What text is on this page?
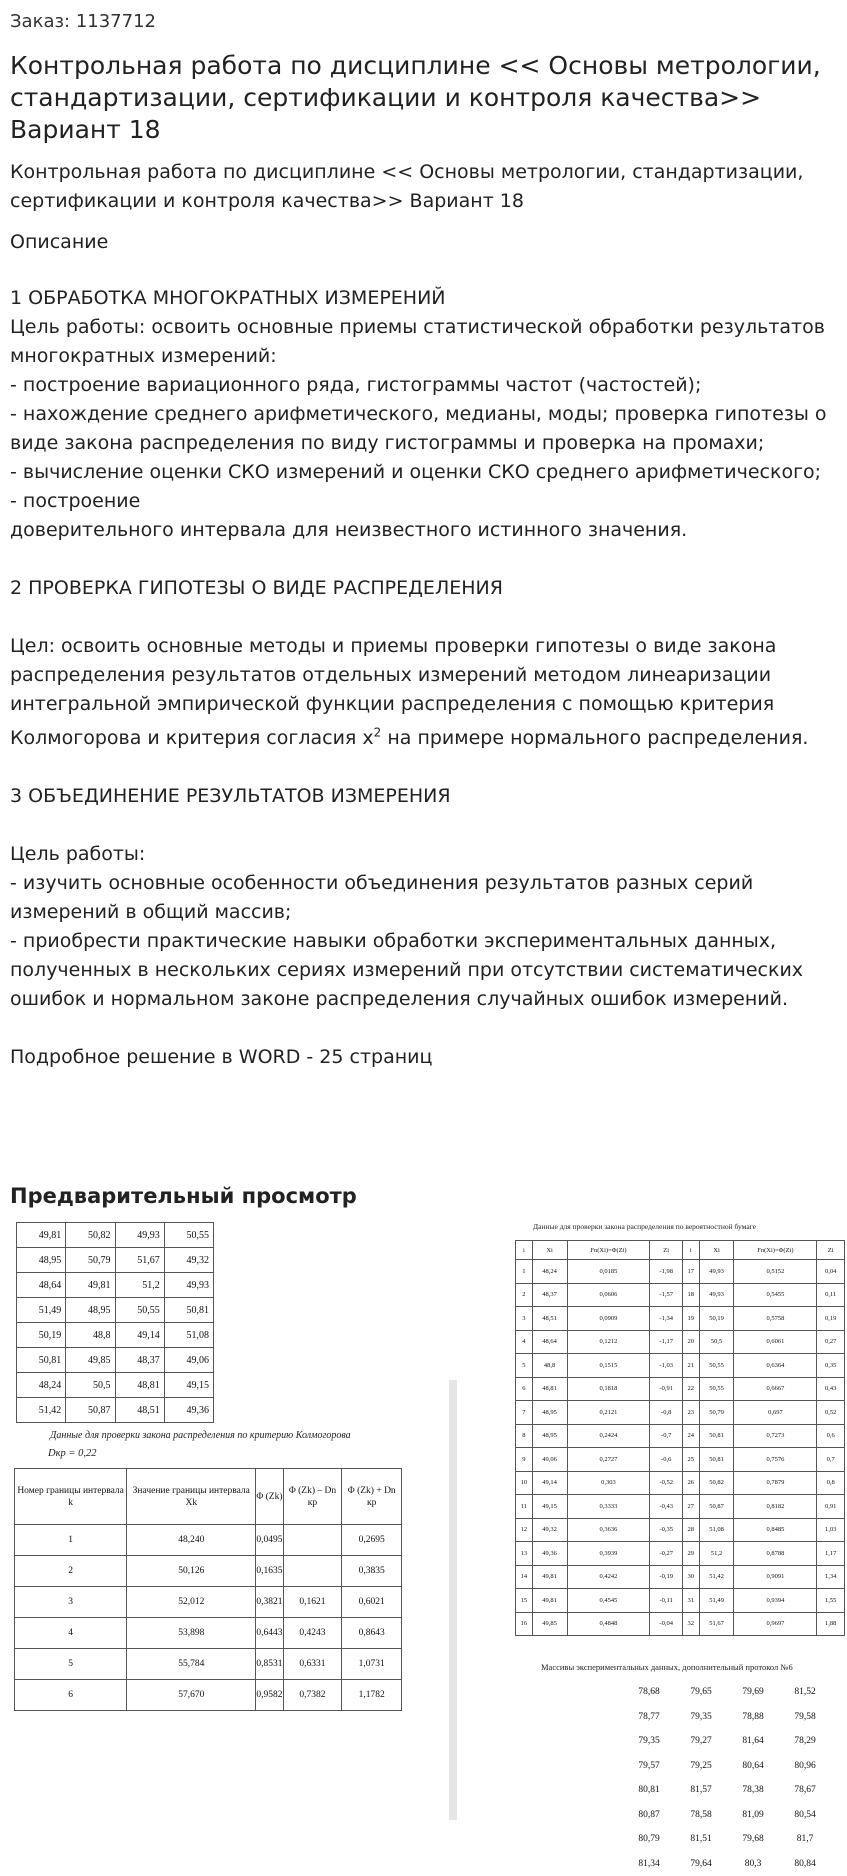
Заказ: 1137712
Контрольная работа по дисциплине << Основы метрологии, стандартизации, сертификации и контроля качества>> Вариант 18
Контрольная работа по дисциплине << Основы метрологии, стандартизации, сертификации и контроля качества>> Вариант 18
Описание
1 ОБРАБОТКА МНОГОКРАТНЫХ ИЗМЕРЕНИЙ
Цель работы: освоить основные приемы статистической обработки результатов многократных измерений:
- построение вариационного ряда, гистограммы частот (частостей);
- нахождение среднего арифметического, медианы, моды; проверка гипотезы о виде закона распределения по виду гистограммы и проверка на промахи;
- вычисление оценки СКО измерений и оценки СКО среднего арифметического;
- построение
доверительного интервала для неизвестного истинного значения.

2 ПРОВЕРКА ГИПОТЕЗЫ О ВИДЕ РАСПРЕДЕЛЕНИЯ

Цел: освоить основные методы и приемы проверки гипотезы о виде закона распределения результатов отдельных измерений методом линеаризации интегральной эмпирической функции распределения с помощью критерия Колмогорова и критерия согласия $x^2$ на примере нормального распределения.

3 ОБЪЕДИНЕНИЕ РЕЗУЛЬТАТОВ ИЗМЕРЕНИЯ

Цель работы:
- изучить основные особенности объединения результатов разных серий измерений в общий массив;
- приобрести практические навыки обработки экспериментальных данных, полученных в нескольких сериях измерений при отсутствии систематических ошибок и нормальном законе распределения случайных ошибок измерений.

Подробное решение в WORD - 25 страниц
Предварительный просмотр
49,81	50,82	49,93	50,55
48,95	50,79	51,67	49,32
48,64	49,81	51,2	49,93
51,49	48,95	50,55	50,81
50,19	48,8	49,14	51,08
50,81	49,85	48,37	49,06
48,24	50,5	48,81	49,15
51,42	50,87	48,51	49,36
Данные для проверки закона распределения по критерию Колмогорова
Dкр = 0,22
Номер границы интервала k	Значение границы интервала Xk	Φ (Zk)	Φ (Zk) – Dn кр	Φ (Zk) + Dn кр
1	48,240	0,0495		0,2695
2	50,126	0,1635		0,3835
3	52,012	0,3821	0,1621	0,6021
4	53,898	0,6443	0,4243	0,8643
5	55,784	0,8531	0,6331	1,0731
6	57,670	0,9582	0,7382	1,1782
Данные для проверки закона распределения по вероятностной бумаге
i	Xi	Fn(Xi)=Φ(Zi)	Zi	i	Xi	Fn(Xi)=Φ(Zi)	Zi
1	48,24	0,0185	-1,98	17	49,93	0,5152	0,04
2	48,37	0,0606	-1,57	18	49,93	0,5455	0,11
3	48,51	0,0909	-1,34	19	50,19	0,5758	0,19
4	48,64	0,1212	-1,17	20	50,5	0,6061	0,27
5	48,8	0,1515	-1,03	21	50,55	0,6364	0,35
6	48,81	0,1818	-0,91	22	50,55	0,6667	0,43
7	48,95	0,2121	-0,8	23	50,79	0,697	0,52
8	48,95	0,2424	-0,7	24	50,81	0,7273	0,6
9	49,06	0,2727	-0,6	25	50,81	0,7576	0,7
10	49,14	0,303	-0,52	26	50,82	0,7879	0,8
11	49,15	0,3333	-0,43	27	50,87	0,8182	0,91
12	49,32	0,3636	-0,35	28	51,08	0,8485	1,03
13	49,36	0,3939	-0,27	29	51,2	0,8788	1,17
14	49,81	0,4242	-0,19	30	51,42	0,9091	1,34
15	49,81	0,4545	-0,11	31	51,49	0,9394	1,55
16	49,85	0,4848	-0,04	32	51,67	0,9697	1,88
Массивы экспериментальных данных, дополнительный протокол №6
78,68	79,65	79,69	81,52
78,77	79,35	78,88	79,58
79,35	79,27	81,64	78,29
79,57	79,25	80,64	80,96
80,81	81,57	78,38	78,67
80,87	78,58	81,09	80,54
80,79	81,51	79,68	81,7
81,34	79,64	80,3	80,84
